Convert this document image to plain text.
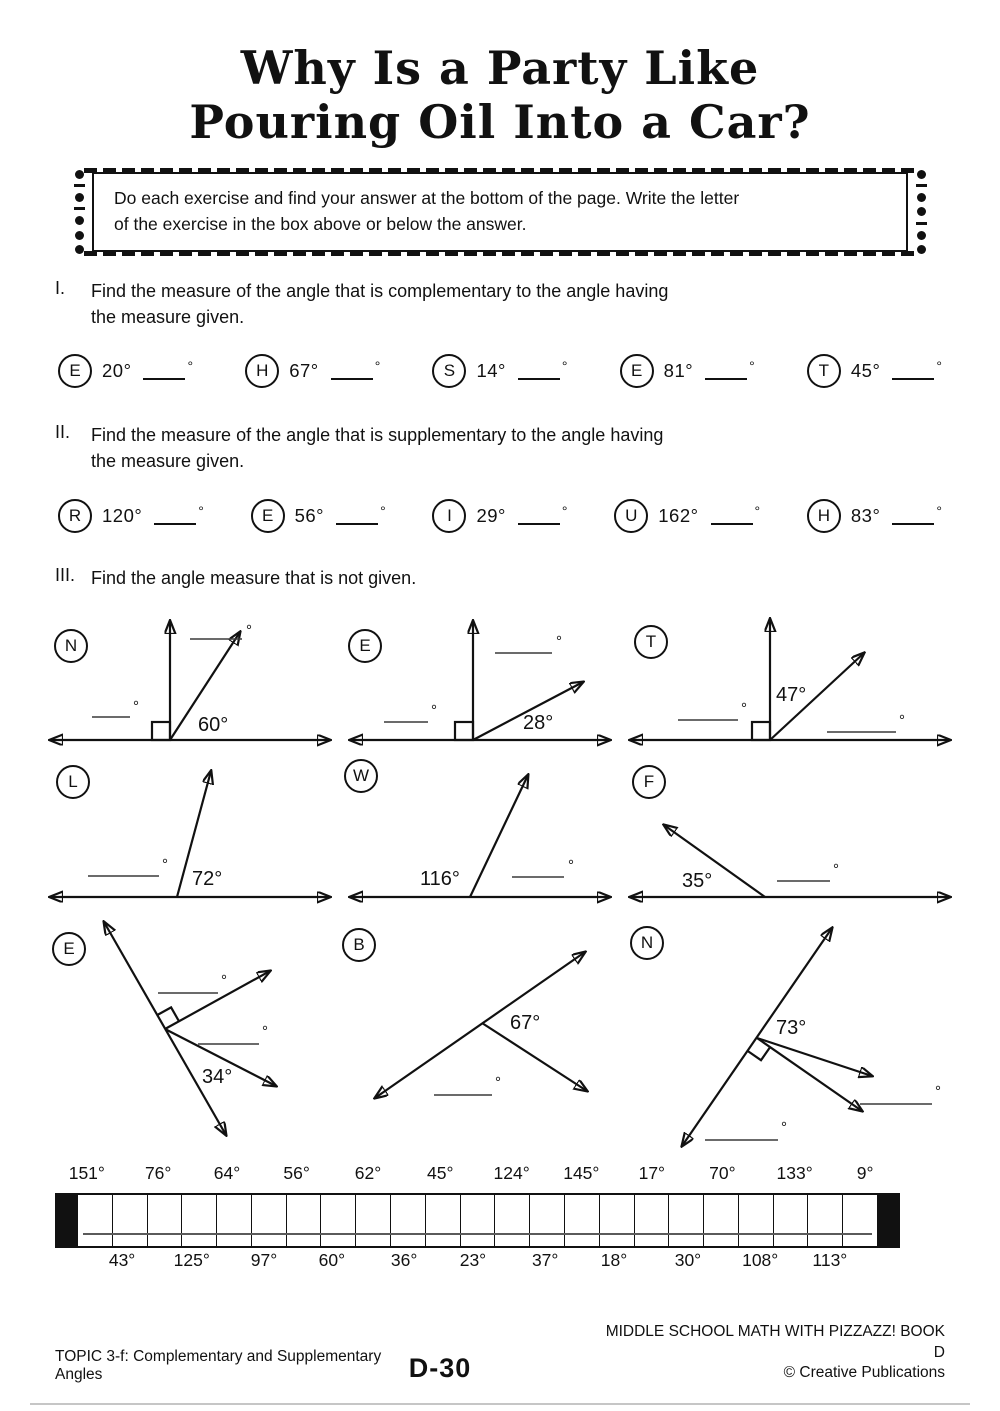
Why Is a Party Like
Pouring Oil Into a Car?
Do each exercise and find your answer at the bottom of the page. Write the letter
of the exercise in the box above or below the answer.
I.	Find the measure of the angle that is complementary to the angle having
the measure given.
E	20°	°	H	67°	°	S	14°	°	E	81°	°	T	45°	°
II.	Find the measure of the angle that is supplementary to the angle having
the measure given.
R	120°	°	E	56°	°	I	29°	°	U	162°	°	H	83°	°
III. Find the angle measure that is not given.
N
60°
°
°
E
28°
°
°
T
47°
°
°
L
72°
°
W
116°
°
F
35°
°
E
°
°
34°
B
67°
°
N
73°
°
°
151° 76° 64° 56°	62°	45° 124° 145° 17°	70° 133°	9°
43° 125° 97° 60°	36° 23°	37° 18°	30° 108° 113°
TOPIC 3-f: Complementary and Supplementary Angles	D-30
MIDDLE SCHOOL MATH WITH PIZZAZZ! BOOK D
© Creative Publications
